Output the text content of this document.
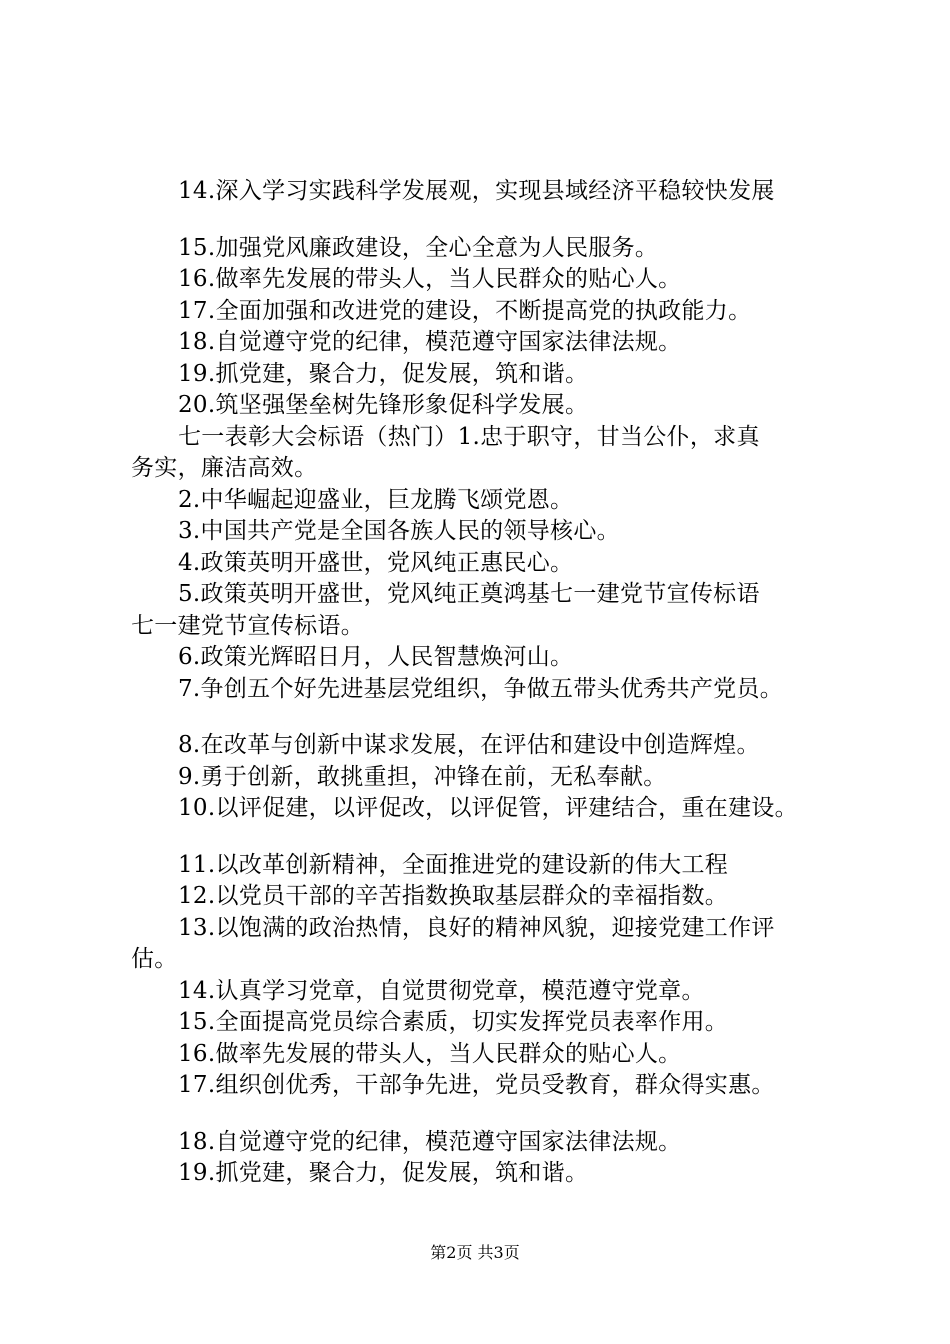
14.深入学习实践科学发展观，实现县域经济平稳较快发展
15.加强党风廉政建设，全心全意为人民服务。
16.做率先发展的带头人，当人民群众的贴心人。
17.全面加强和改进党的建设，不断提高党的执政能力。
18.自觉遵守党的纪律，模范遵守国家法律法规。
19.抓党建，聚合力，促发展，筑和谐。
20.筑坚强堡垒树先锋形象促科学发展。
七一表彰大会标语（热门）1.忠于职守，甘当公仆，求真
务实，廉洁高效。
2.中华崛起迎盛业，巨龙腾飞颂党恩。
3.中国共产党是全国各族人民的领导核心。
4.政策英明开盛世，党风纯正惠民心。
5.政策英明开盛世，党风纯正奠鸿基七一建党节宣传标语
七一建党节宣传标语。
6.政策光辉昭日月，人民智慧焕河山。
7.争创五个好先进基层党组织，争做五带头优秀共产党员。
8.在改革与创新中谋求发展，在评估和建设中创造辉煌。
9.勇于创新，敢挑重担，冲锋在前，无私奉献。
10.以评促建，以评促改，以评促管，评建结合，重在建设。
11.以改革创新精神，全面推进党的建设新的伟大工程
12.以党员干部的辛苦指数换取基层群众的幸福指数。
13.以饱满的政治热情，良好的精神风貌，迎接党建工作评
估。
14.认真学习党章，自觉贯彻党章，模范遵守党章。
15.全面提高党员综合素质，切实发挥党员表率作用。
16.做率先发展的带头人，当人民群众的贴心人。
17.组织创优秀，干部争先进，党员受教育，群众得实惠。
18.自觉遵守党的纪律，模范遵守国家法律法规。
19.抓党建，聚合力，促发展，筑和谐。
第2页 共3页
